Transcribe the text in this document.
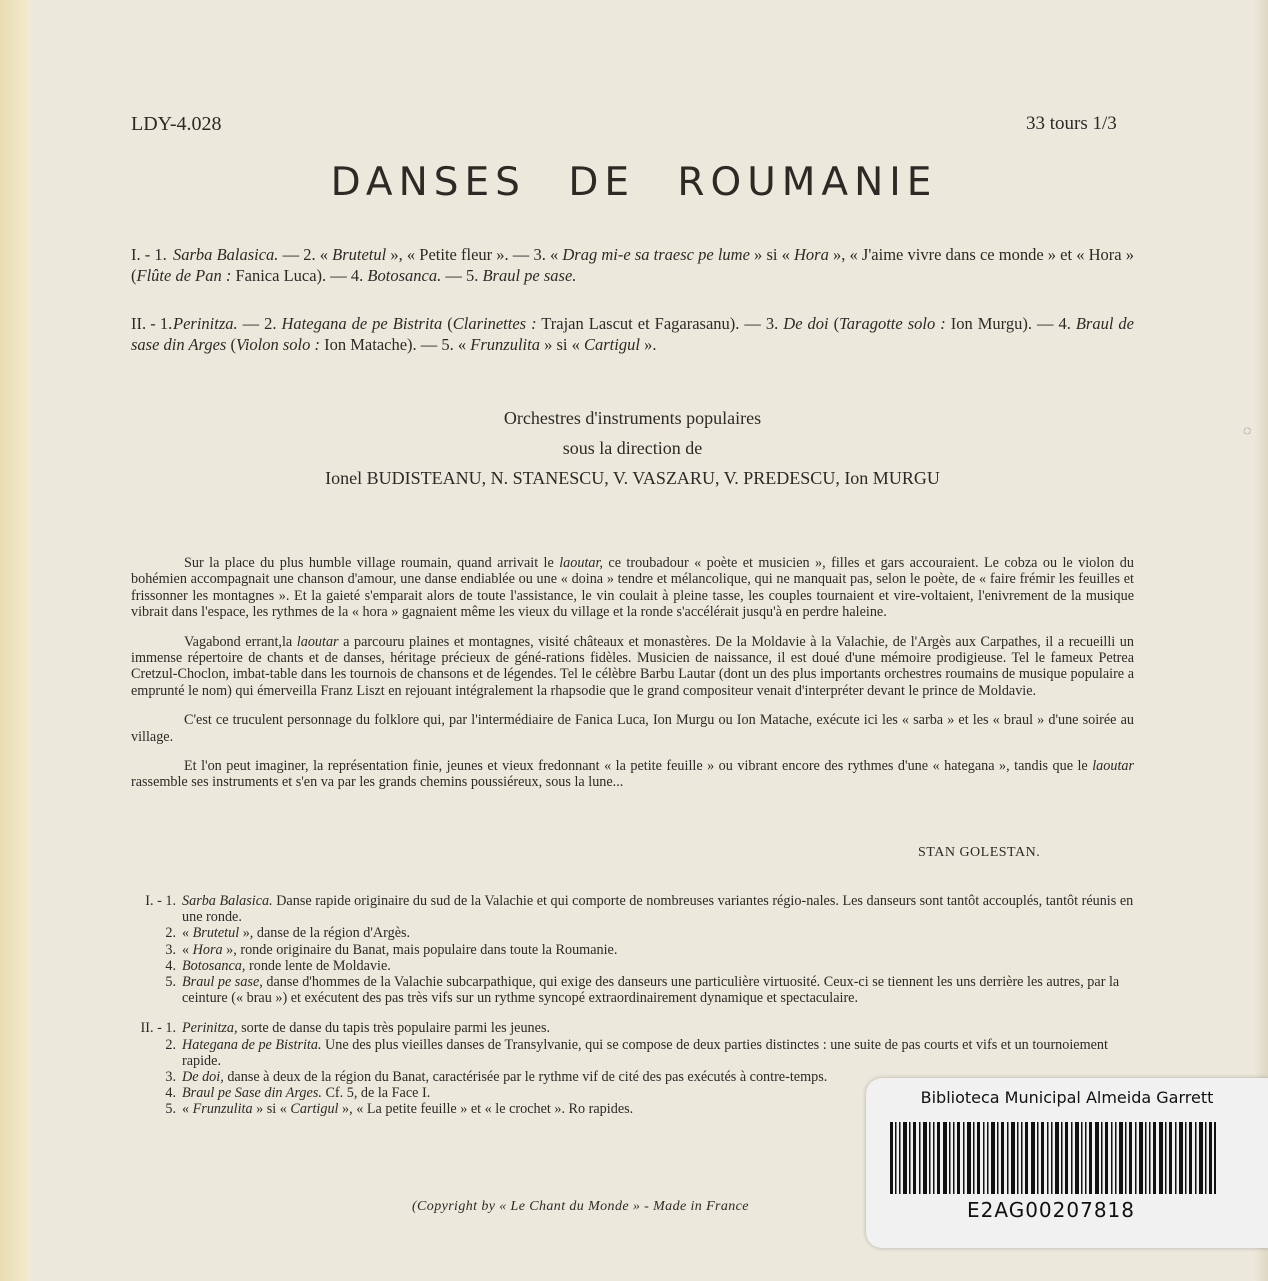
LDY-4.028	33 tours 1/3
DANSES DE ROUMANIE
I. - 1. Sarba Balasica. — 2. « Brutetul », « Petite fleur ». — 3. « Drag mi-e sa traesc pe lume » si « Hora », « J'aime vivre dans ce monde » et « Hora » (Flûte de Pan : Fanica Luca). — 4. Botosanca. — 5. Braul pe sase.
II. - 1.Perinitza. — 2. Hategana de pe Bistrita (Clarinettes : Trajan Lascut et Fagarasanu). — 3. De doi (Taragotte solo : Ion Murgu). — 4. Braul de sase din Arges (Violon solo : Ion Matache). — 5. « Frunzulita » si « Cartigul ».
Orchestres d'instruments populaires
sous la direction de
Ionel BUDISTEANU, N. STANESCU, V. VASZARU, V. PREDESCU, Ion MURGU

Sur la place du plus humble village roumain, quand arrivait le laoutar, ce troubadour « poète et musicien », filles et gars accouraient. Le cobza ou le violon du bohémien accompagnait une chanson d'amour, une danse endiablée ou une « doina » tendre et mélancolique, qui ne manquait pas, selon le poète, de « faire frémir les feuilles et frissonner les montagnes ». Et la gaieté s'emparait alors de toute l'assistance, le vin coulait à pleine tasse, les couples tournaient et vire-voltaient, l'enivrement de la musique vibrait dans l'espace, les rythmes de la « hora » gagnaient même les vieux du village et la ronde s'accélérait jusqu'à en perdre haleine.

Vagabond errant,la laoutar a parcouru plaines et montagnes, visité châteaux et monastères. De la Moldavie à la Valachie, de l'Argès aux Carpathes, il a recueilli un immense répertoire de chants et de danses, héritage précieux de géné-rations fidèles. Musicien de naissance, il est doué d'une mémoire prodigieuse. Tel le fameux Petrea Cretzul-Choclon, imbat-table dans les tournois de chansons et de légendes. Tel le célèbre Barbu Lautar (dont un des plus importants orchestres roumains de musique populaire a emprunté le nom) qui émerveilla Franz Liszt en rejouant intégralement la rhapsodie que le grand compositeur venait d'interpréter devant le prince de Moldavie.

C'est ce truculent personnage du folklore qui, par l'intermédiaire de Fanica Luca, Ion Murgu ou Ion Matache, exécute ici les « sarba » et les « braul » d'une soirée au village.

Et l'on peut imaginer, la représentation finie, jeunes et vieux fredonnant « la petite feuille » ou vibrant encore des rythmes d'une « hategana », tandis que le laoutar rassemble ses instruments et s'en va par les grands chemins poussiéreux, sous la lune...

STAN GOLESTAN.
I. - 1. Sarba Balasica. Danse rapide originaire du sud de la Valachie et qui comporte de nombreuses variantes régio-nales. Les danseurs sont tantôt accouplés, tantôt réunis en une ronde.
2. « Brutetul », danse de la région d'Argès.
3. « Hora », ronde originaire du Banat, mais populaire dans toute la Roumanie.
4. Botosanca, ronde lente de Moldavie.
5. Braul pe sase, danse d'hommes de la Valachie subcarpathique, qui exige des danseurs une particulière virtuosité. Ceux-ci se tiennent les uns derrière les autres, par la ceinture (« brau ») et exécutent des pas très vifs sur un rythme syncopé extraordinairement dynamique et spectaculaire.
II. - 1. Perinitza, sorte de danse du tapis très populaire parmi les jeunes.
2. Hategana de pe Bistrita. Une des plus vieilles danses de Transylvanie, qui se compose de deux parties distinctes : une suite de pas courts et vifs et un tournoiement rapide.
3. De doi, danse à deux de la région du Banat, caractérisée par le rythme vif de cité des pas exécutés à contre-temps.
4. Braul pe Sase din Arges. Cf. 5, de la Face I.
5. « Frunzulita » si « Cartigul », « La petite feuille » et « le crochet ». Ro rapides.
(Copyright by « Le Chant du Monde » - Made in France
◌
Biblioteca Municipal Almeida Garrett
E2AG00207818
